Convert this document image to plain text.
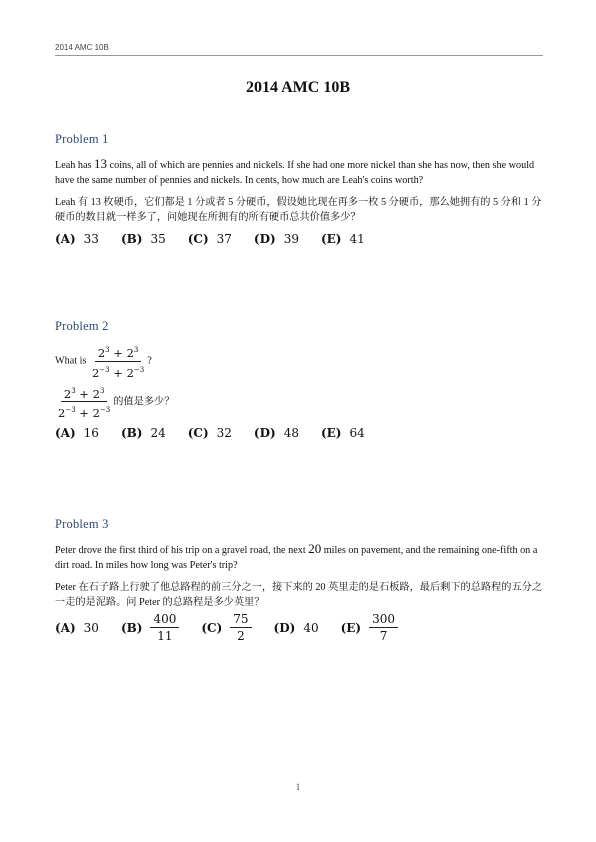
2014 AMC 10B
2014 AMC 10B
Problem 1

Leah has 13 coins, all of which are pennies and nickels. If she had one more nickel than she has now, then she would have the same number of pennies and nickels. In cents, how much are Leah's coins worth?

Leah 有 13 枚硬币，它们都是 1 分或者 5 分硬币，假设她比现在再多一枚 5 分硬币，那么她拥有的 5 分和 1 分硬币的数目就一样多了，问她现在所拥有的所有硬币总共价值多少？

(A) 33 (B) 35 (C) 37 (D) 39 (E) 41
Problem 2

What is $\frac{2^3 + 2^3}{2^{-3} + 2^{-3}}$ ?

$\frac{2^3 + 2^3}{2^{-3} + 2^{-3}}$ 的值是多少？

(A) 16 (B) 24 (C) 32 (D) 48 (E) 64
Problem 3

Peter drove the first third of his trip on a gravel road, the next 20 miles on pavement, and the remaining one-fifth on a dirt road. In miles how long was Peter's trip?

Peter 在石子路上行驶了他总路程的前三分之一，接下来的 20 英里走的是石板路，最后剩下的总路程的五分之一走的是泥路。问 Peter 的总路程是多少英里？

(A) 30 $(B) \frac{400}{11} (C) \frac{75}{2} (D)$ 40 $(E) \frac{300}{7}$
1
